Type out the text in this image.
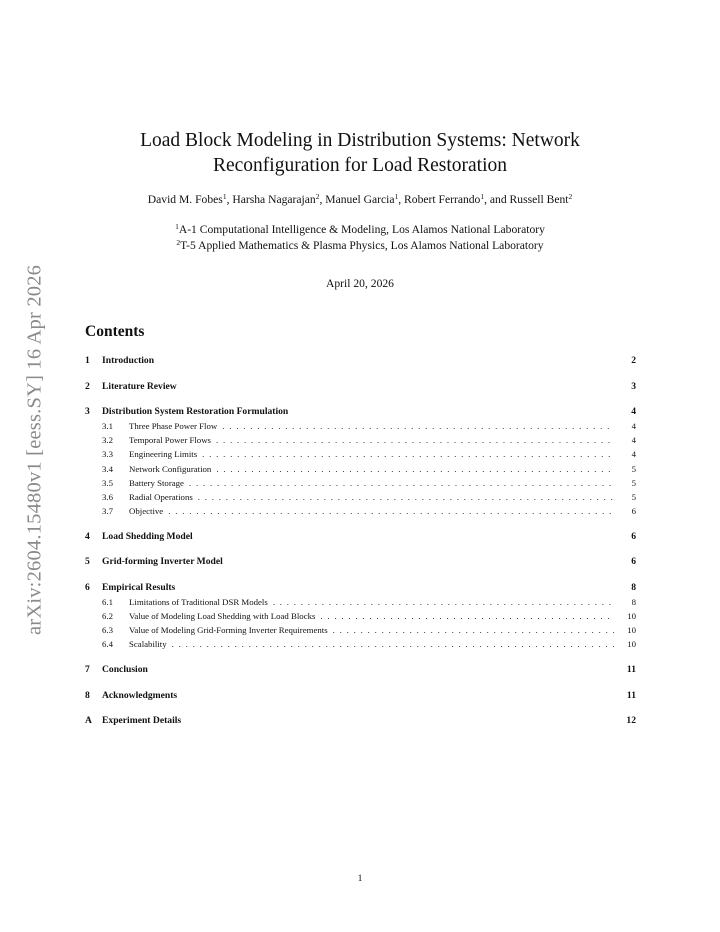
arXiv:2604.15480v1 [eess.SY] 16 Apr 2026
Load Block Modeling in Distribution Systems: Network
Reconfiguration for Load Restoration
David M. Fobes$^1$, Harsha Nagarajan$^2$, Manuel Garcia$^1$, Robert Ferrando$^1$, and Russell Bent$^2$
$^1$A-1 Computational Intelligence & Modeling, Los Alamos National Laboratory
$^2$T-5 Applied Mathematics & Plasma Physics, Los Alamos National Laboratory
April 20, 2026
Contents
1	Introduction	2
2	Literature Review	3
3	Distribution System Restoration Formulation	4
3.1	Three Phase Power Flow . . .	4
3.2	Temporal Power Flows . . .	4
3.3	Engineering Limits . . .	4
3.4	Network Configuration . . .	5
3.5	Battery Storage . . .	5
3.6	Radial Operations . . .	5
3.7	Objective . . .	6
4	Load Shedding Model	6
5	Grid-forming Inverter Model	6
6	Empirical Results	8
6.1	Limitations of Traditional DSR Models . . .	8
6.2	Value of Modeling Load Shedding with Load Blocks . . .	10
6.3	Value of Modeling Grid-Forming Inverter Requirements . . .	10
6.4	Scalability . . .	10
7	Conclusion	11
8	Acknowledgments	11
A	Experiment Details	12
1
